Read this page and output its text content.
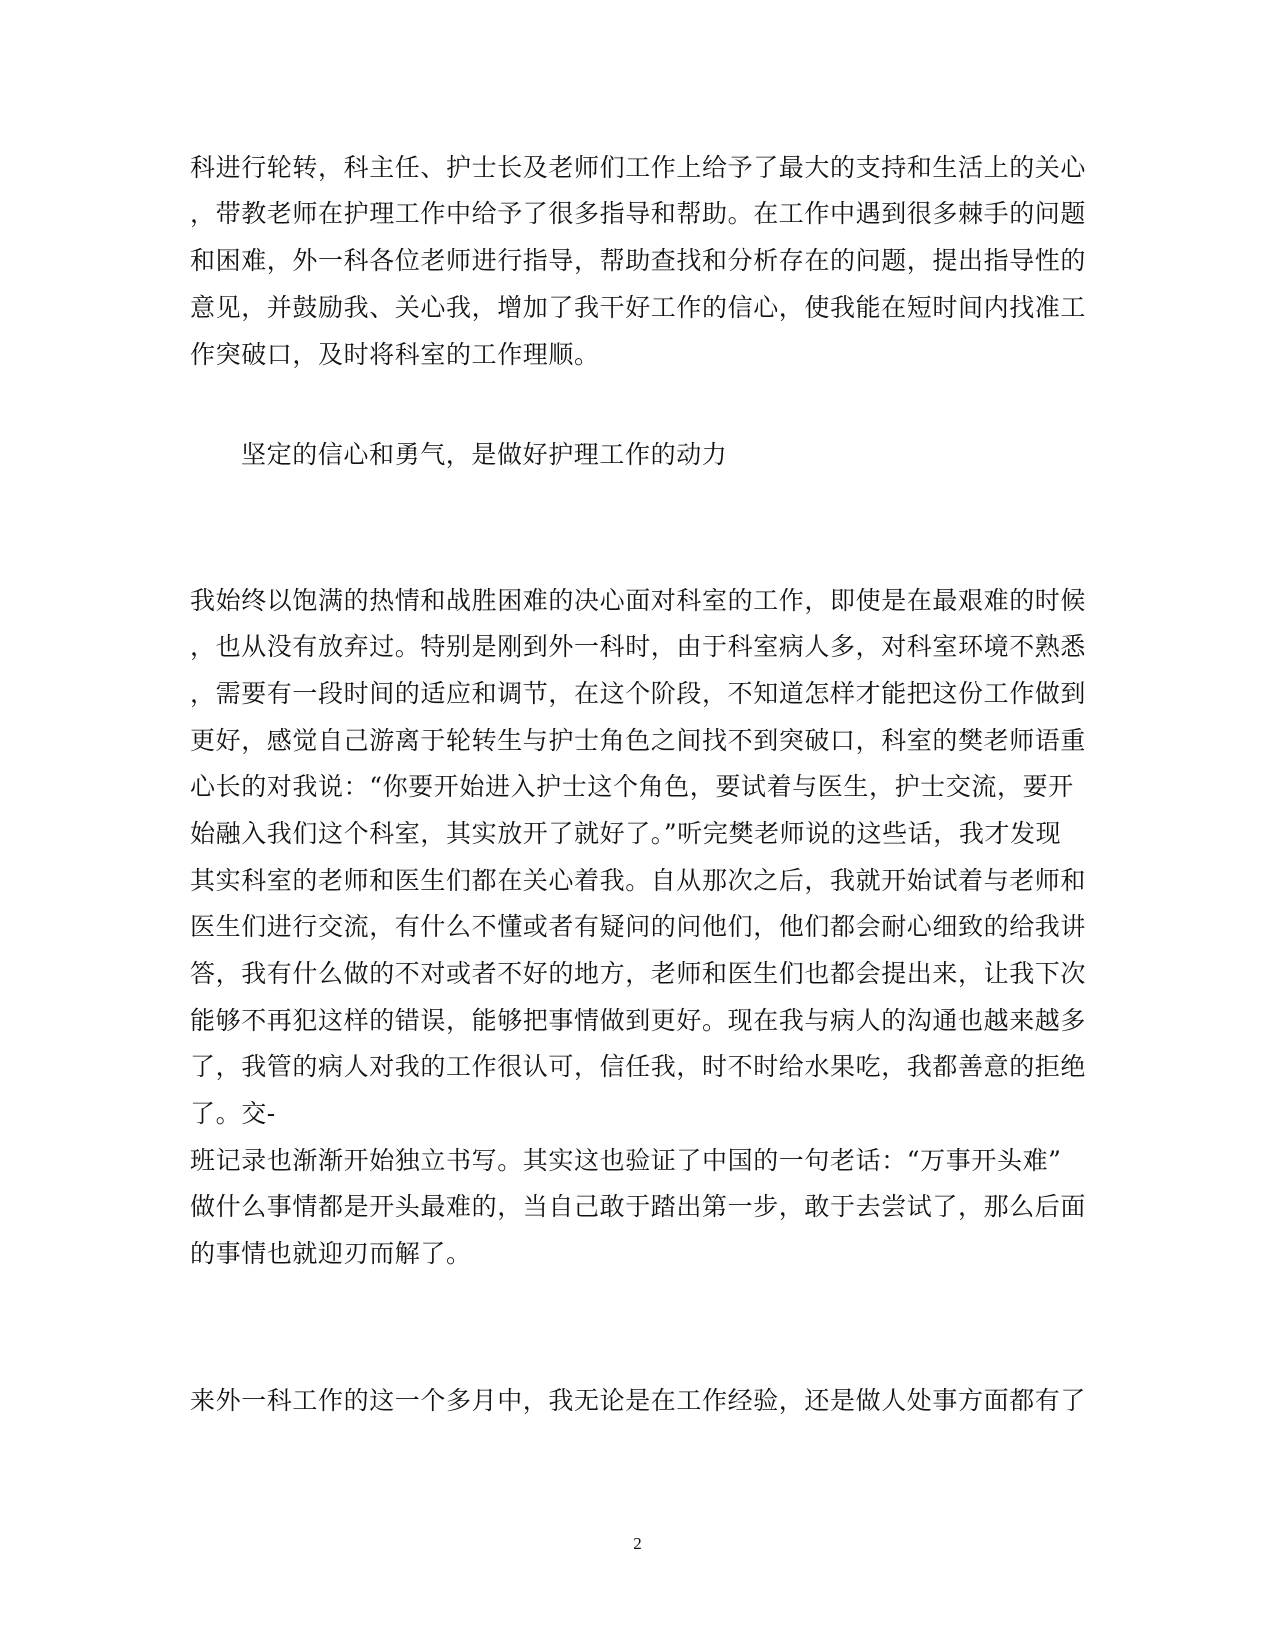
科进行轮转，科主任、护士长及老师们工作上给予了最大的支持和生活上的关心
，带教老师在护理工作中给予了很多指导和帮助。在工作中遇到很多棘手的问题
和困难，外一科各位老师进行指导，帮助查找和分析存在的问题，提出指导性的
意见，并鼓励我、关心我，增加了我干好工作的信心，使我能在短时间内找准工
作突破口，及时将科室的工作理顺。
坚定的信心和勇气，是做好护理工作的动力
我始终以饱满的热情和战胜困难的决心面对科室的工作，即使是在最艰难的时候
，也从没有放弃过。特别是刚到外一科时，由于科室病人多，对科室环境不熟悉
，需要有一段时间的适应和调节，在这个阶段，不知道怎样才能把这份工作做到
更好，感觉自己游离于轮转生与护士角色之间找不到突破口，科室的樊老师语重
心长的对我说：“你要开始进入护士这个角色，要试着与医生，护士交流，要开
始融入我们这个科室，其实放开了就好了。”听完樊老师说的这些话，我才发现
其实科室的老师和医生们都在关心着我。自从那次之后，我就开始试着与老师和
医生们进行交流，有什么不懂或者有疑问的问他们，他们都会耐心细致的给我讲
答，我有什么做的不对或者不好的地方，老师和医生们也都会提出来，让我下次
能够不再犯这样的错误，能够把事情做到更好。现在我与病人的沟通也越来越多
了，我管的病人对我的工作很认可，信任我，时不时给水果吃，我都善意的拒绝
了。交-
班记录也渐渐开始独立书写。其实这也验证了中国的一句老话：“万事开头难”
做什么事情都是开头最难的，当自己敢于踏出第一步，敢于去尝试了，那么后面
的事情也就迎刃而解了。
来外一科工作的这一个多月中，我无论是在工作经验，还是做人处事方面都有了
2
